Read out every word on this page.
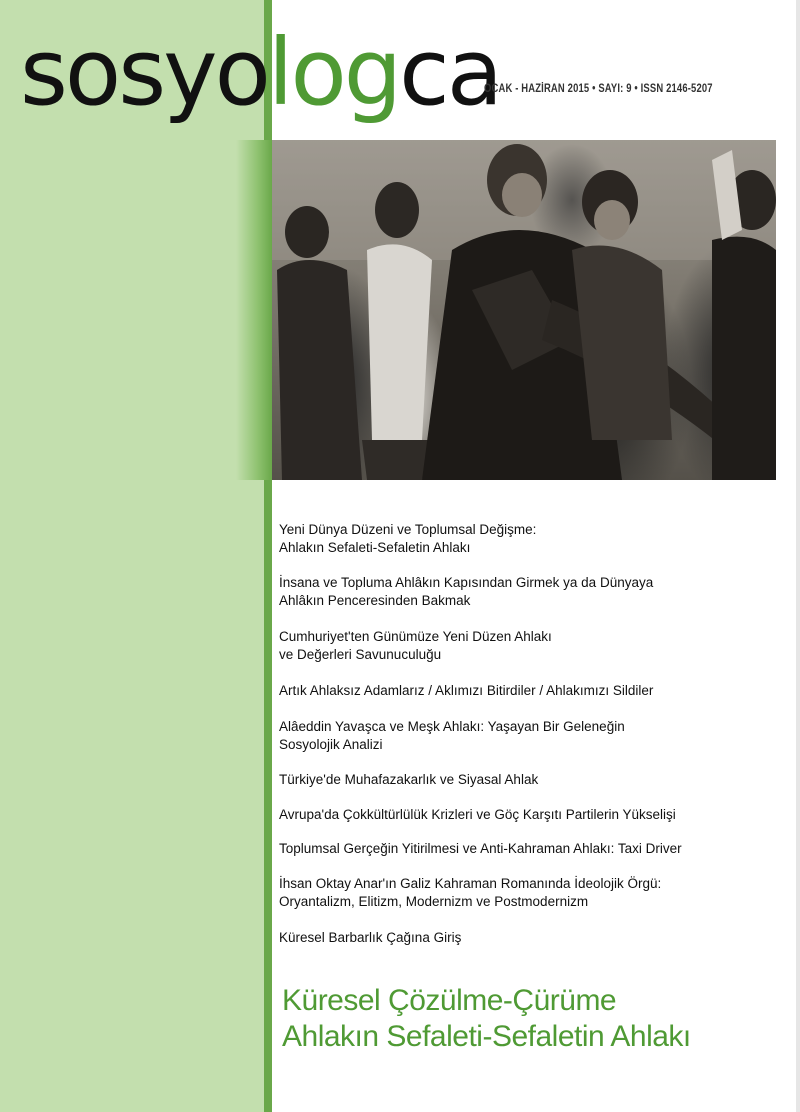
sosyologca
OCAK - HAZİRAN 2015 • SAYI: 9 • ISSN 2146-5207
Yeni Dünya Düzeni ve Toplumsal Değişme:
Ahlakın Sefaleti-Sefaletin Ahlakı
İnsana ve Topluma Ahlâkın Kapısından Girmek ya da Dünyaya
Ahlâkın Penceresinden Bakmak
Cumhuriyet'ten Günümüze Yeni Düzen Ahlakı
ve Değerleri Savunuculuğu
Artık Ahlaksız Adamlarız / Aklımızı Bitirdiler / Ahlakımızı Sildiler
Alâeddin Yavaşca ve Meşk Ahlakı: Yaşayan Bir Geleneğin
Sosyolojik Analizi
Türkiye'de Muhafazakarlık ve Siyasal Ahlak
Avrupa'da Çokkültürlülük Krizleri ve Göç Karşıtı Partilerin Yükselişi
Toplumsal Gerçeğin Yitirilmesi ve Anti-Kahraman Ahlakı: Taxi Driver
İhsan Oktay Anar'ın Galiz Kahraman Romanında İdeolojik Örgü:
Oryantalizm, Elitizm, Modernizm ve Postmodernizm
Küresel Barbarlık Çağına Giriş
Küresel Çözülme-Çürüme
Ahlakın Sefaleti-Sefaletin Ahlakı
